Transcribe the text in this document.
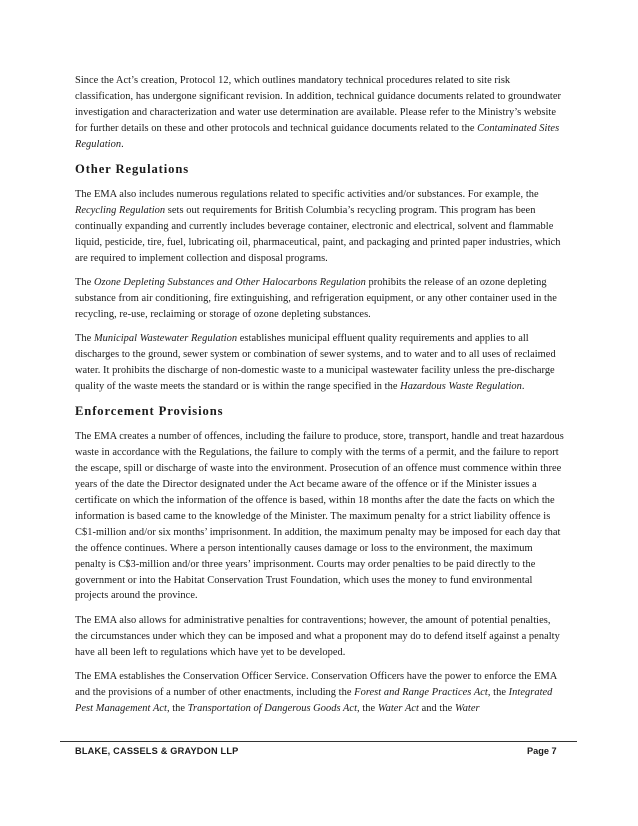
Since the Act’s creation, Protocol 12, which outlines mandatory technical procedures related to site risk classification, has undergone significant revision. In addition, technical guidance documents related to groundwater investigation and characterization and water use determination are available. Please refer to the Ministry’s website for further details on these and other protocols and technical guidance documents related to the Contaminated Sites Regulation.

Other Regulations

The EMA also includes numerous regulations related to specific activities and/or substances. For example, the Recycling Regulation sets out requirements for British Columbia’s recycling program. This program has been continually expanding and currently includes beverage container, electronic and electrical, solvent and flammable liquid, pesticide, tire, fuel, lubricating oil, pharmaceutical, paint, and packaging and printed paper industries, which are required to implement collection and disposal programs.

The Ozone Depleting Substances and Other Halocarbons Regulation prohibits the release of an ozone depleting substance from air conditioning, fire extinguishing, and refrigeration equipment, or any other container used in the recycling, re-use, reclaiming or storage of ozone depleting substances.

The Municipal Wastewater Regulation establishes municipal effluent quality requirements and applies to all discharges to the ground, sewer system or combination of sewer systems, and to water and to all uses of reclaimed water. It prohibits the discharge of non-domestic waste to a municipal wastewater facility unless the pre-discharge quality of the waste meets the standard or is within the range specified in the Hazardous Waste Regulation.

Enforcement Provisions

The EMA creates a number of offences, including the failure to produce, store, transport, handle and treat hazardous waste in accordance with the Regulations, the failure to comply with the terms of a permit, and the failure to report the escape, spill or discharge of waste into the environment. Prosecution of an offence must commence within three years of the date the Director designated under the Act became aware of the offence or if the Minister issues a certificate on which the information of the offence is based, within 18 months after the date the facts on which the information is based came to the knowledge of the Minister. The maximum penalty for a strict liability offence is C$1-million and/or six months’ imprisonment. In addition, the maximum penalty may be imposed for each day that the offence continues. Where a person intentionally causes damage or loss to the environment, the maximum penalty is C$3-million and/or three years’ imprisonment. Courts may order penalties to be paid directly to the government or into the Habitat Conservation Trust Foundation, which uses the money to fund environmental projects around the province.

The EMA also allows for administrative penalties for contraventions; however, the amount of potential penalties, the circumstances under which they can be imposed and what a proponent may do to defend itself against a penalty have all been left to regulations which have yet to be developed.

The EMA establishes the Conservation Officer Service. Conservation Officers have the power to enforce the EMA and the provisions of a number of other enactments, including the Forest and Range Practices Act, the Integrated Pest Management Act, the Transportation of Dangerous Goods Act, the Water Act and the Water

BLAKE, CASSELS & GRAYDON LLP	Page 7
